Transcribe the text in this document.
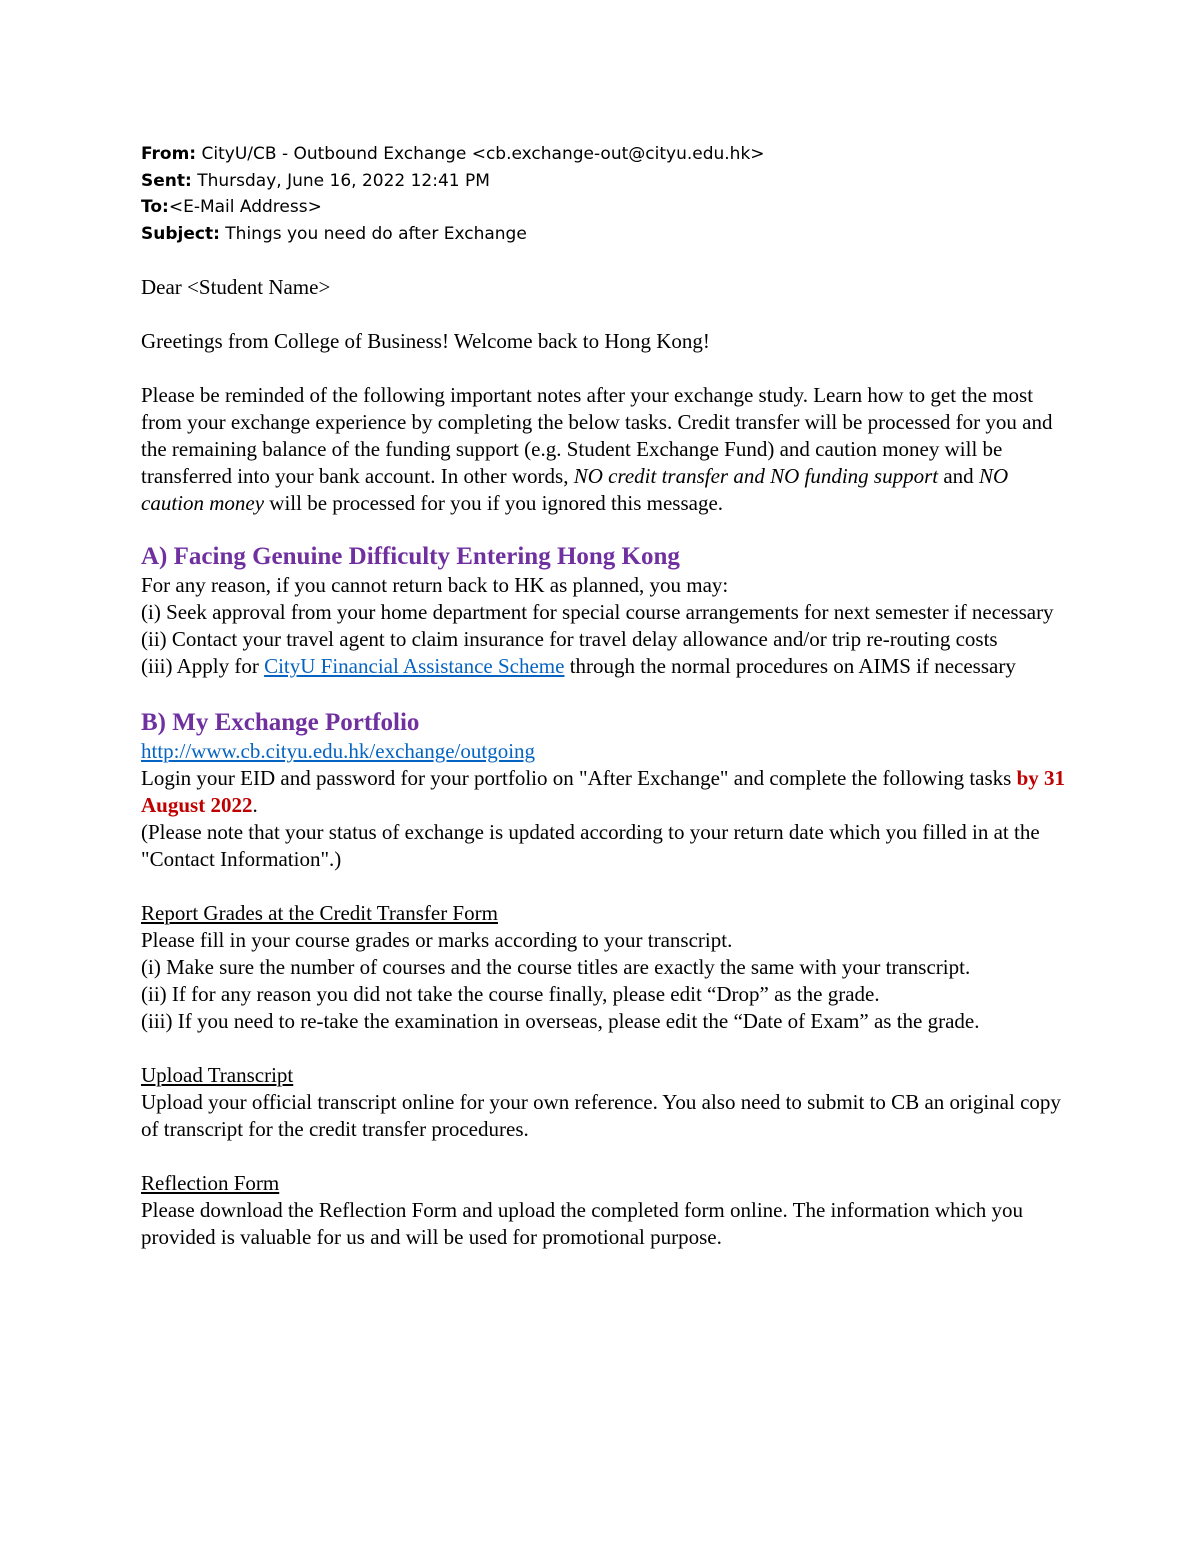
From: CityU/CB - Outbound Exchange <cb.exchange-out@cityu.edu.hk>
Sent: Thursday, June 16, 2022 12:41 PM
To:<E-Mail Address>
Subject: Things you need do after Exchange

Dear <Student Name>

Greetings from College of Business! Welcome back to Hong Kong!

Please be reminded of the following important notes after your exchange study. Learn how to get the most from your exchange experience by completing the below tasks. Credit transfer will be processed for you and the remaining balance of the funding support (e.g. Student Exchange Fund) and caution money will be transferred into your bank account. In other words, NO credit transfer and NO funding support and NO caution money will be processed for you if you ignored this message.

A) Facing Genuine Difficulty Entering Hong Kong

For any reason, if you cannot return back to HK as planned, you may:

(i) Seek approval from your home department for special course arrangements for next semester if necessary

(ii) Contact your travel agent to claim insurance for travel delay allowance and/or trip re-routing costs

(iii) Apply for CityU Financial Assistance Scheme through the normal procedures on AIMS if necessary

B) My Exchange Portfolio

http://www.cb.cityu.edu.hk/exchange/outgoing

Login your EID and password for your portfolio on "After Exchange" and complete the following tasks by 31 August 2022.

(Please note that your status of exchange is updated according to your return date which you filled in at the "Contact Information".)

Report Grades at the Credit Transfer Form

Please fill in your course grades or marks according to your transcript.

(i) Make sure the number of courses and the course titles are exactly the same with your transcript.

(ii) If for any reason you did not take the course finally, please edit “Drop” as the grade.

(iii) If you need to re-take the examination in overseas, please edit the “Date of Exam” as the grade.

Upload Transcript

Upload your official transcript online for your own reference. You also need to submit to CB an original copy of transcript for the credit transfer procedures.

Reflection Form

Please download the Reflection Form and upload the completed form online. The information which you provided is valuable for us and will be used for promotional purpose.
